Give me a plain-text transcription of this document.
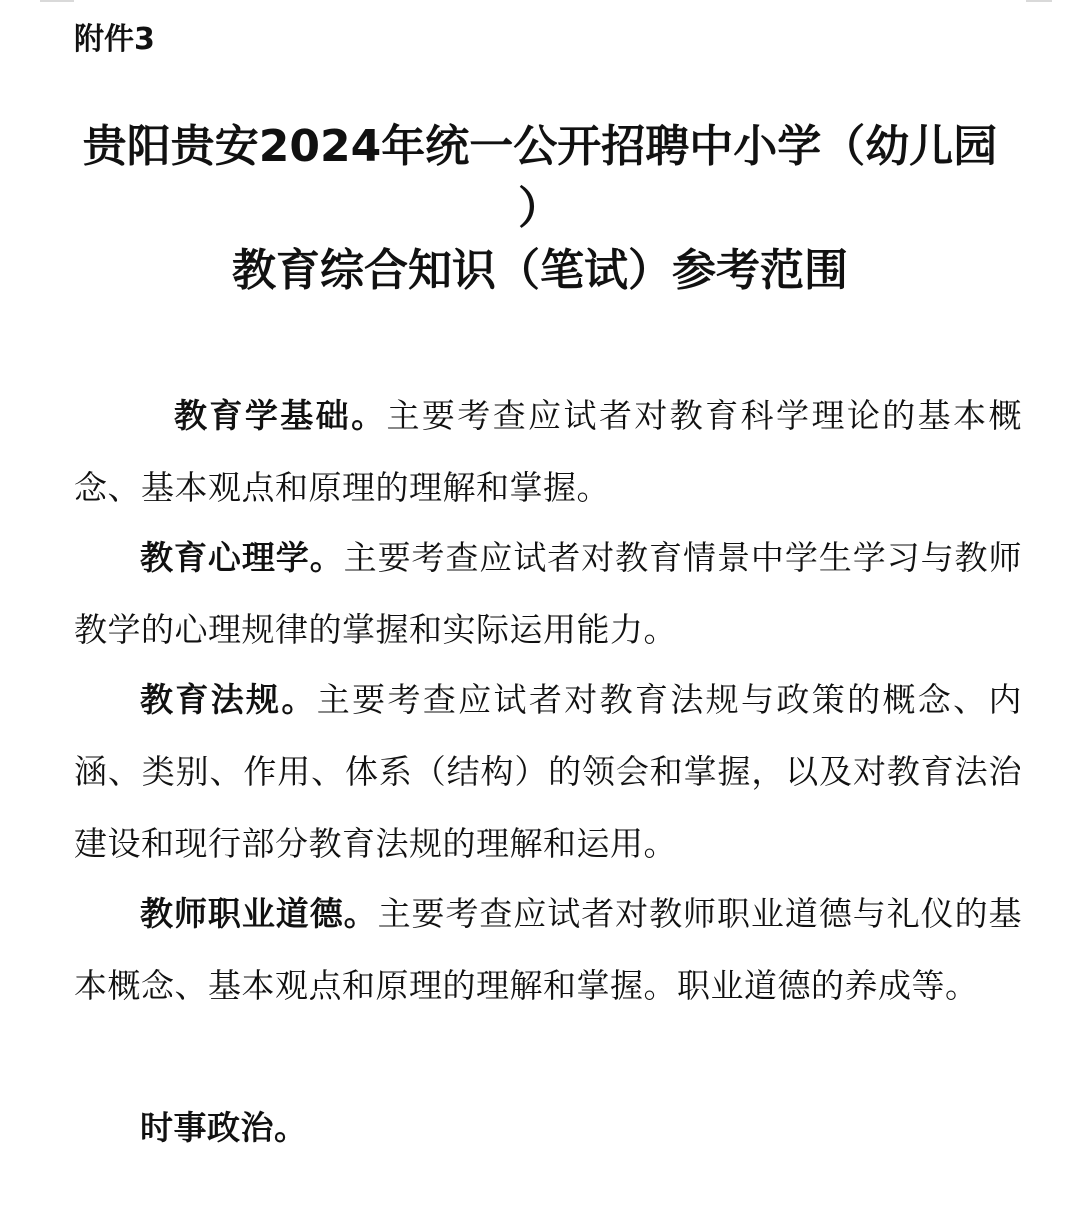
附件3
贵阳贵安2024年统一公开招聘中小学（幼儿园
）
教育综合知识（笔试）参考范围

教育学基础。主要考查应试者对教育科学理论的基本概念、基本观点和原理的理解和掌握。

教育心理学。主要考查应试者对教育情景中学生学习与教师教学的心理规律的掌握和实际运用能力。

教育法规。主要考查应试者对教育法规与政策的概念、内涵、类别、作用、体系（结构）的领会和掌握，以及对教育法治建设和现行部分教育法规的理解和运用。

教师职业道德。主要考查应试者对教师职业道德与礼仪的基本概念、基本观点和原理的理解和掌握。职业道德的养成等。

时事政治。
